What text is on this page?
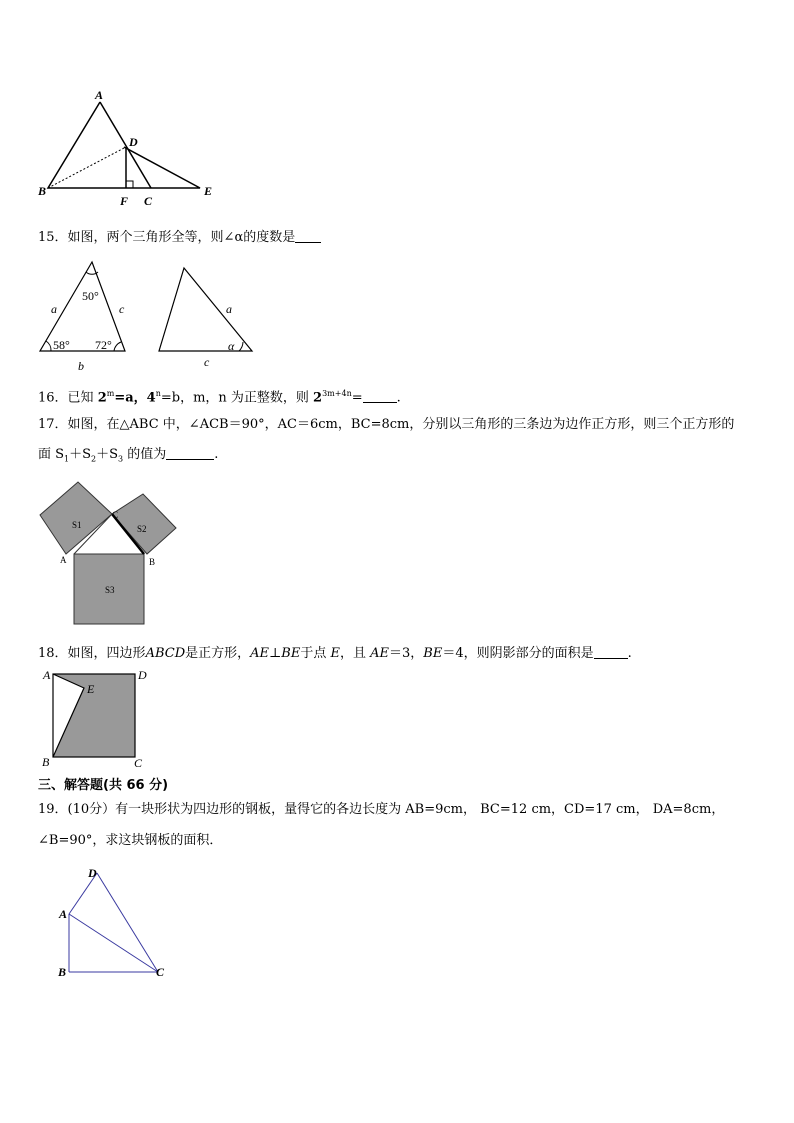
A
B
D
E
F C
15．如图，两个三角形全等，则∠α的度数是
a	c
b
50°
58° 72°
a
c
α
16．已知 $2^m=a$，$4^n=b$，m，n 为正整数，则 $2^{3m+4n}=$	.
17．如图，在△ABC 中，∠ACB＝90°，AC＝6cm，BC=8cm，分别以三角形的三条边为边作正方形，则三个正方形的
面 $S_1+S_2+S_3$ 的值为	.
S1	S2
S3
A	B
C
18．如图，四边形ABCD是正方形，AE⊥BE于点 E，且 AE＝3，BE＝4，则阴影部分的面积是	.
A	D
E
B	C
三、解答题(共 66 分)
19．(10分）有一块形状为四边形的钢板，量得它的各边长度为 AB=9cm， BC=12 cm，CD=17 cm， DA=8cm，
∠B=90°，求这块钢板的面积．
D
A
B	C
